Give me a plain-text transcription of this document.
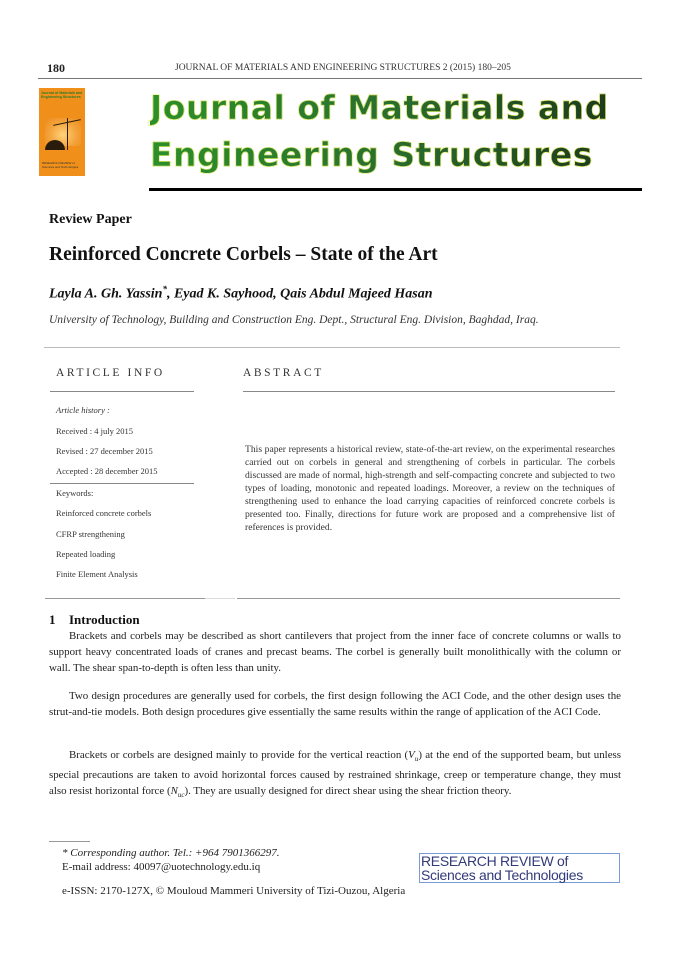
180	JOURNAL OF MATERIALS AND ENGINEERING STRUCTURES 2 (2015) 180–205
Journal of Materials and Engineering Structures
RESEARCH REVIEW of Sciences and Technologies
Journal of Materials and
Engineering Structures
Review Paper
Reinforced Concrete Corbels – State of the Art
Layla A. Gh. Yassin*, Eyad K. Sayhood, Qais Abdul Majeed Hasan
University of Technology, Building and Construction Eng. Dept., Structural Eng. Division, Baghdad, Iraq.
ARTICLE INFO	ABSTRACT
Article history :
Received : 4 july 2015
Revised : 27 december 2015
Accepted : 28 december 2015
Keywords:
Reinforced concrete corbels
CFRP strengthening
Repeated loading
Finite Element Analysis
This paper represents a historical review, state-of-the-art review, on the experimental researches carried out on corbels in general and strengthening of corbels in particular. The corbels discussed are made of normal, high-strength and self-compacting concrete and subjected to two types of loading, monotonic and repeated loadings. Moreover, a review on the techniques of strengthening used to enhance the load carrying capacities of reinforced concrete corbels is presented too. Finally, directions for future work are proposed and a comprehensive list of references is provided.
1 Introduction
Brackets and corbels may be described as short cantilevers that project from the inner face of concrete columns or walls to support heavy concentrated loads of cranes and precast beams. The corbel is generally built monolithically with the column or wall. The shear span-to-depth is often less than unity.
Two design procedures are generally used for corbels, the first design following the ACI Code, and the other design uses the strut-and-tie models. Both design procedures give essentially the same results within the range of application of the ACI Code.
Brackets or corbels are designed mainly to provide for the vertical reaction $(V_u)$ at the end of the supported beam, but unless special precautions are taken to avoid horizontal forces caused by restrained shrinkage, creep or temperature change, they must also resist horizontal force $(N_{uc})$. They are usually designed for direct shear using the shear friction theory.
* Corresponding author. Tel.: +964 7901366297.
E-mail address: 40097@uotechnology.edu.iq
e-ISSN: 2170-127X, © Mouloud Mammeri University of Tizi-Ouzou, Algeria
RESEARCH REVIEW of
Sciences and Technologies
